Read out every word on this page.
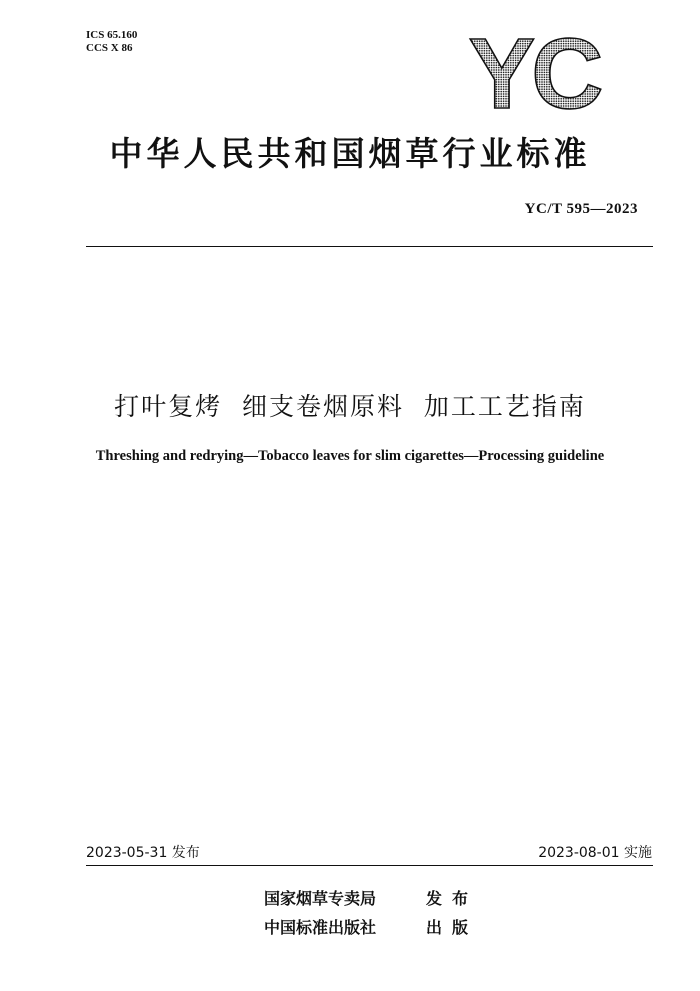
ICS 65.160
CCS X 86	YC
中华人民共和国烟草行业标准
YC/T 595—2023
打叶复烤  细支卷烟原料  加工工艺指南
Threshing and redrying—Tobacco leaves for slim cigarettes—Processing guideline
2023-05-31 发布	2023-08-01 实施
国家烟草专卖局	发布
中国标准出版社	出版
